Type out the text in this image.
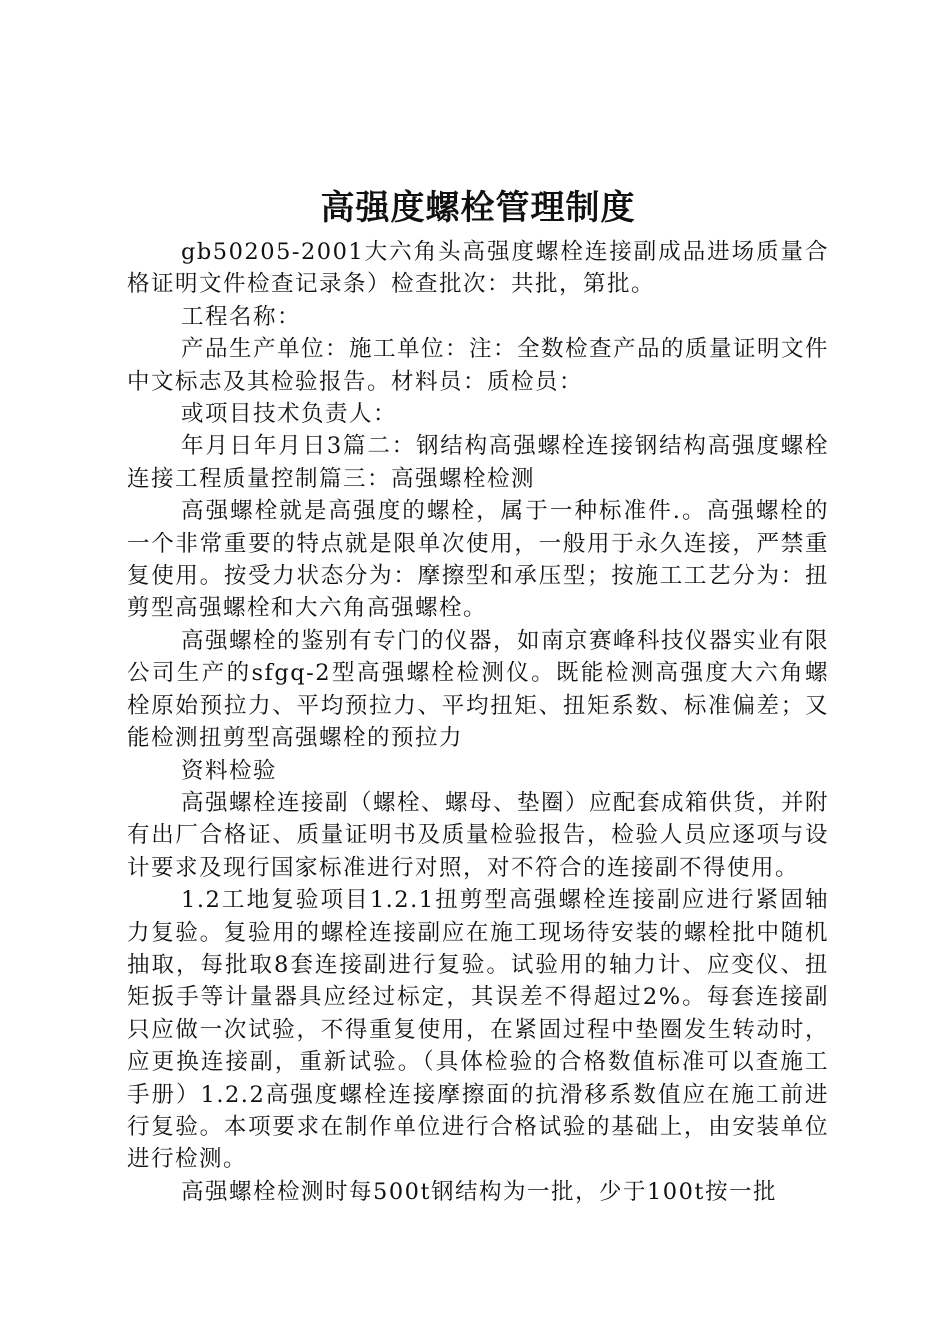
高强度螺栓管理制度

gb50205-2001大六角头高强度螺栓连接副成品进场质量合格证明文件检查记录条）检查批次：共批，第批。

工程名称：

产品生产单位：施工单位：注：全数检查产品的质量证明文件中文标志及其检验报告。材料员：质检员：

或项目技术负责人：

年月日年月日3篇二：钢结构高强螺栓连接钢结构高强度螺栓连接工程质量控制篇三：高强螺栓检测

高强螺栓就是高强度的螺栓，属于一种标准件.。高强螺栓的一个非常重要的特点就是限单次使用，一般用于永久连接，严禁重复使用。按受力状态分为：摩擦型和承压型；按施工工艺分为：扭剪型高强螺栓和大六角高强螺栓。

高强螺栓的鉴别有专门的仪器，如南京赛峰科技仪器实业有限公司生产的sfgq-2型高强螺栓检测仪。既能检测高强度大六角螺栓原始预拉力、平均预拉力、平均扭矩、扭矩系数、标准偏差；又能检测扭剪型高强螺栓的预拉力

资料检验

高强螺栓连接副（螺栓、螺母、垫圈）应配套成箱供货，并附有出厂合格证、质量证明书及质量检验报告，检验人员应逐项与设计要求及现行国家标准进行对照，对不符合的连接副不得使用。

1.2工地复验项目1.2.1扭剪型高强螺栓连接副应进行紧固轴力复验。复验用的螺栓连接副应在施工现场待安装的螺栓批中随机抽取，每批取8套连接副进行复验。试验用的轴力计、应变仪、扭矩扳手等计量器具应经过标定，其误差不得超过2%。每套连接副只应做一次试验，不得重复使用，在紧固过程中垫圈发生转动时，应更换连接副，重新试验。（具体检验的合格数值标准可以查施工手册）1.2.2高强度螺栓连接摩擦面的抗滑移系数值应在施工前进行复验。本项要求在制作单位进行合格试验的基础上，由安装单位进行检测。

高强螺栓检测时每500t钢结构为一批，少于100t按一批
